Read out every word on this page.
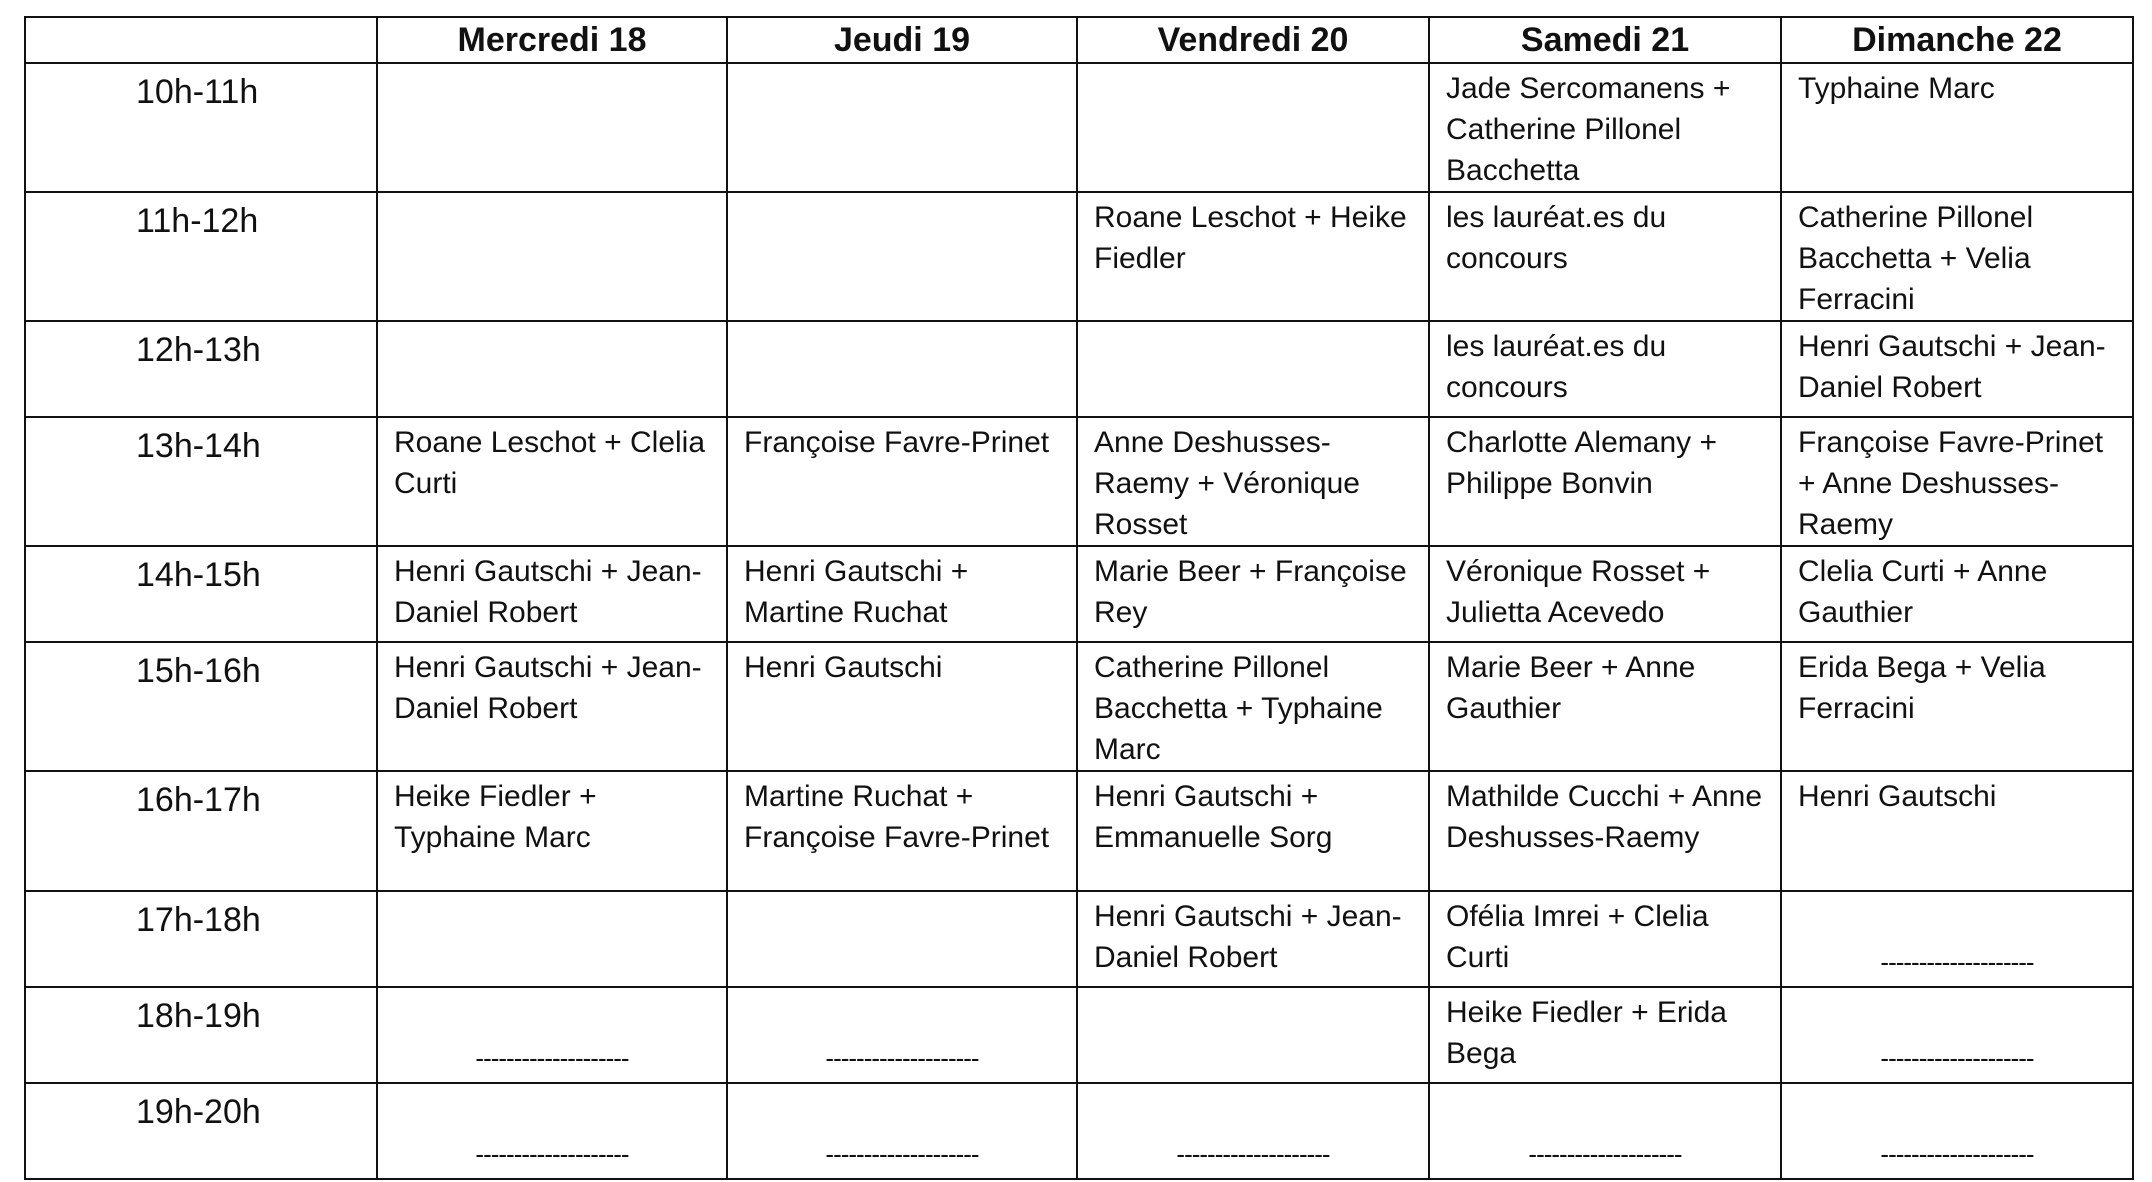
	Mercredi 18	Jeudi 19	Vendredi 20	Samedi 21	Dimanche 22
10h-11h				Jade Sercomanens + Catherine Pillonel Bacchetta	Typhaine Marc
11h-12h			Roane Leschot + Heike Fiedler	les lauréat.es du concours	Catherine Pillonel Bacchetta + Velia Ferracini
12h-13h				les lauréat.es du concours	Henri Gautschi + Jean-Daniel Robert
13h-14h	Roane Leschot + Clelia Curti	Françoise Favre-Prinet	Anne Deshusses-Raemy + Véronique Rosset	Charlotte Alemany + Philippe Bonvin	Françoise Favre-Prinet + Anne Deshusses-Raemy
14h-15h	Henri Gautschi + Jean-Daniel Robert	Henri Gautschi + Martine Ruchat	Marie Beer + Françoise Rey	Véronique Rosset + Julietta Acevedo	Clelia Curti + Anne Gauthier
15h-16h	Henri Gautschi + Jean-Daniel Robert	Henri Gautschi	Catherine Pillonel Bacchetta + Typhaine Marc	Marie Beer + Anne Gauthier	Erida Bega + Velia Ferracini
16h-17h	Heike Fiedler + Typhaine Marc	Martine Ruchat + Françoise Favre-Prinet	Henri Gautschi + Emmanuelle Sorg	Mathilde Cucchi + Anne Deshusses-Raemy	Henri Gautschi
17h-18h			Henri Gautschi + Jean-Daniel Robert	Ofélia Imrei + Clelia Curti	--------------------
18h-19h	--------------------	--------------------		Heike Fiedler + Erida Bega	--------------------
19h-20h	--------------------	--------------------	--------------------	--------------------	--------------------
